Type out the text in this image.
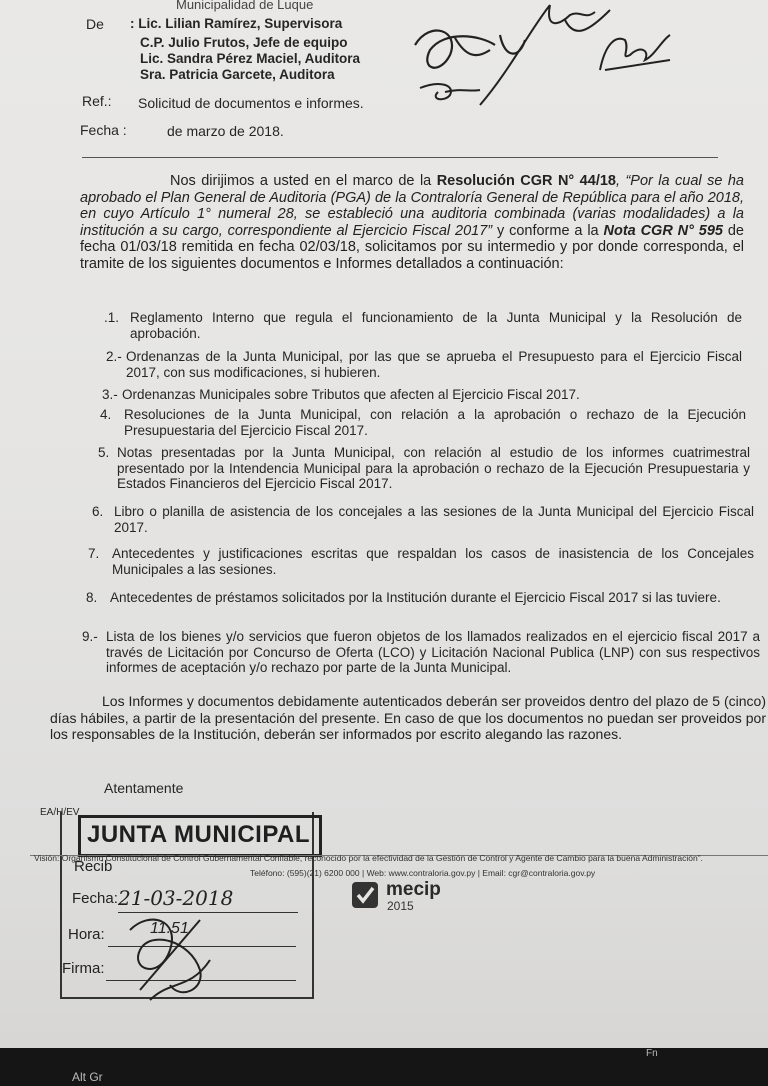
Municipalidad de Luque
De : Lic. Lilian Ramírez, Supervisora
C.P. Julio Frutos, Jefe de equipo
Lic. Sandra Pérez Maciel, Auditora
Sra. Patricia Garcete, Auditora
Ref.: Solicitud de documentos e informes.
Fecha :	de marzo de 2018.
Nos dirijimos a usted en el marco de la Resolución CGR N° 44/18, “Por la cual se ha aprobado el Plan General de Auditoria (PGA) de la Contraloría General de República para el año 2018, en cuyo Artículo 1° numeral 28, se estableció una auditoria combinada (varias modalidades) a la institución a su cargo, correspondiente al Ejercicio Fiscal 2017” y conforme a la Nota CGR N° 595 de fecha 01/03/18 remitida en fecha 02/03/18, solicitamos por su intermedio y por donde corresponda, el tramite de los siguientes documentos e Informes detallados a continuación:
.1. Reglamento Interno que regula el funcionamiento de la Junta Municipal y la Resolución de aprobación.
2.- Ordenanzas de la Junta Municipal, por las que se aprueba el Presupuesto para el Ejercicio Fiscal 2017, con sus modificaciones, si hubieren.
3.- Ordenanzas Municipales sobre Tributos que afecten al Ejercicio Fiscal 2017.
4. Resoluciones de la Junta Municipal, con relación a la aprobación o rechazo de la Ejecución Presupuestaria del Ejercicio Fiscal 2017.
5. Notas presentadas por la Junta Municipal, con relación al estudio de los informes cuatrimestral presentado por la Intendencia Municipal para la aprobación o rechazo de la Ejecución Presupuestaria y Estados Financieros del Ejercicio Fiscal 2017.
6. Libro o planilla de asistencia de los concejales a las sesiones de la Junta Municipal del Ejercicio Fiscal 2017.
7. Antecedentes y justificaciones escritas que respaldan los casos de inasistencia de los Concejales Municipales a las sesiones.
8. Antecedentes de préstamos solicitados por la Institución durante el Ejercicio Fiscal 2017 si las tuviere.
9.- Lista de los bienes y/o servicios que fueron objetos de los llamados realizados en el ejercicio fiscal 2017 a través de Licitación por Concurso de Oferta (LCO) y Licitación Nacional Publica (LNP) con sus respectivos informes de aceptación y/o rechazo por parte de la Junta Municipal.
Los Informes y documentos debidamente autenticados deberán ser proveidos dentro del plazo de 5 (cinco) días hábiles, a partir de la presentación del presente. En caso de que los documentos no puedan ser proveidos por los responsables de la Institución, deberán ser informados por escrito alegando las razones.
Atentamente
EA/H/EV
JUNTA MUNICIPAL
Recib
Fecha: 21-03-2018
Hora:	11.51
Firma:
Visión: Organismo Constitucional de Control Gubernamental Confiable, reconocido por la efectividad de la Gestión de Control y Agente de Cambio para la buena Administración”.
Teléfono: (595)(21) 6200 000 | Web: www.contraloria.gov.py | Email: cgr@contraloria.gov.py
mecip
2015
Alt Gr
Fn
